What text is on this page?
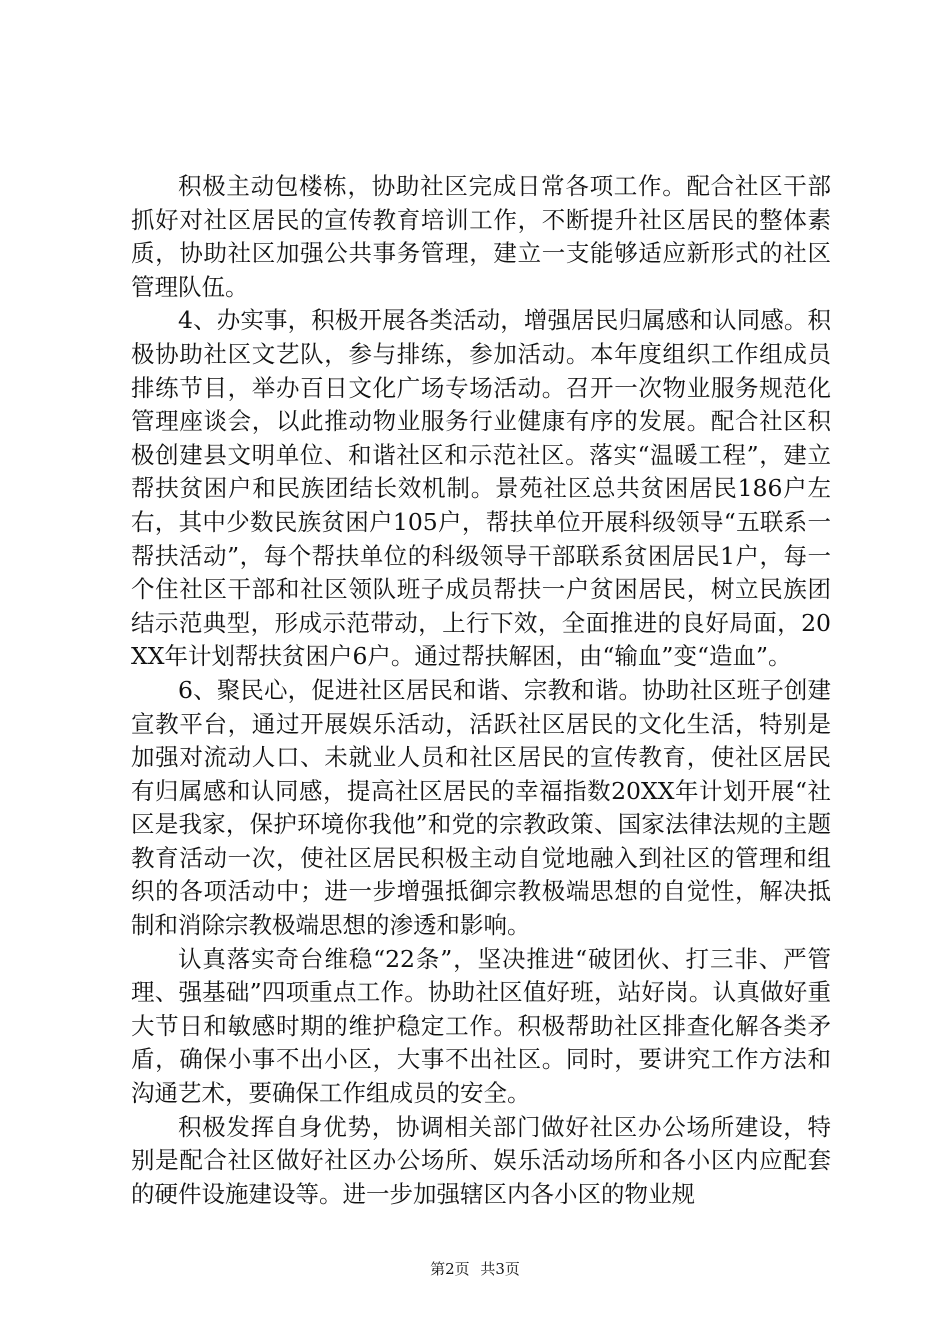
积极主动包楼栋，协助社区完成日常各项工作。配合社区干部抓好对社区居民的宣传教育培训工作，不断提升社区居民的整体素质，协助社区加强公共事务管理，建立一支能够适应新形式的社区管理队伍。

4、办实事，积极开展各类活动，增强居民归属感和认同感。积极协助社区文艺队，参与排练，参加活动。本年度组织工作组成员排练节目，举办百日文化广场专场活动。召开一次物业服务规范化管理座谈会，以此推动物业服务行业健康有序的发展。配合社区积极创建县文明单位、和谐社区和示范社区。落实“温暖工程”，建立帮扶贫困户和民族团结长效机制。景苑社区总共贫困居民186户左右，其中少数民族贫困户105户，帮扶单位开展科级领导“五联系一帮扶活动”，每个帮扶单位的科级领导干部联系贫困居民1户，每一个住社区干部和社区领队班子成员帮扶一户贫困居民，树立民族团结示范典型，形成示范带动，上行下效，全面推进的良好局面，20XX年计划帮扶贫困户6户。通过帮扶解困，由“输血”变“造血”。

6、聚民心，促进社区居民和谐、宗教和谐。协助社区班子创建宣教平台，通过开展娱乐活动，活跃社区居民的文化生活，特别是加强对流动人口、未就业人员和社区居民的宣传教育，使社区居民有归属感和认同感，提高社区居民的幸福指数20XX年计划开展“社区是我家，保护环境你我他”和党的宗教政策、国家法律法规的主题教育活动一次，使社区居民积极主动自觉地融入到社区的管理和组织的各项活动中；进一步增强抵御宗教极端思想的自觉性，解决抵制和消除宗教极端思想的渗透和影响。

认真落实奇台维稳“22条”，坚决推进“破团伙、打三非、严管理、强基础”四项重点工作。协助社区值好班，站好岗。认真做好重大节日和敏感时期的维护稳定工作。积极帮助社区排查化解各类矛盾，确保小事不出小区，大事不出社区。同时，要讲究工作方法和沟通艺术，要确保工作组成员的安全。

积极发挥自身优势，协调相关部门做好社区办公场所建设，特别是配合社区做好社区办公场所、娱乐活动场所和各小区内应配套的硬件设施建设等。进一步加强辖区内各小区的物业规

第2页 共3页
